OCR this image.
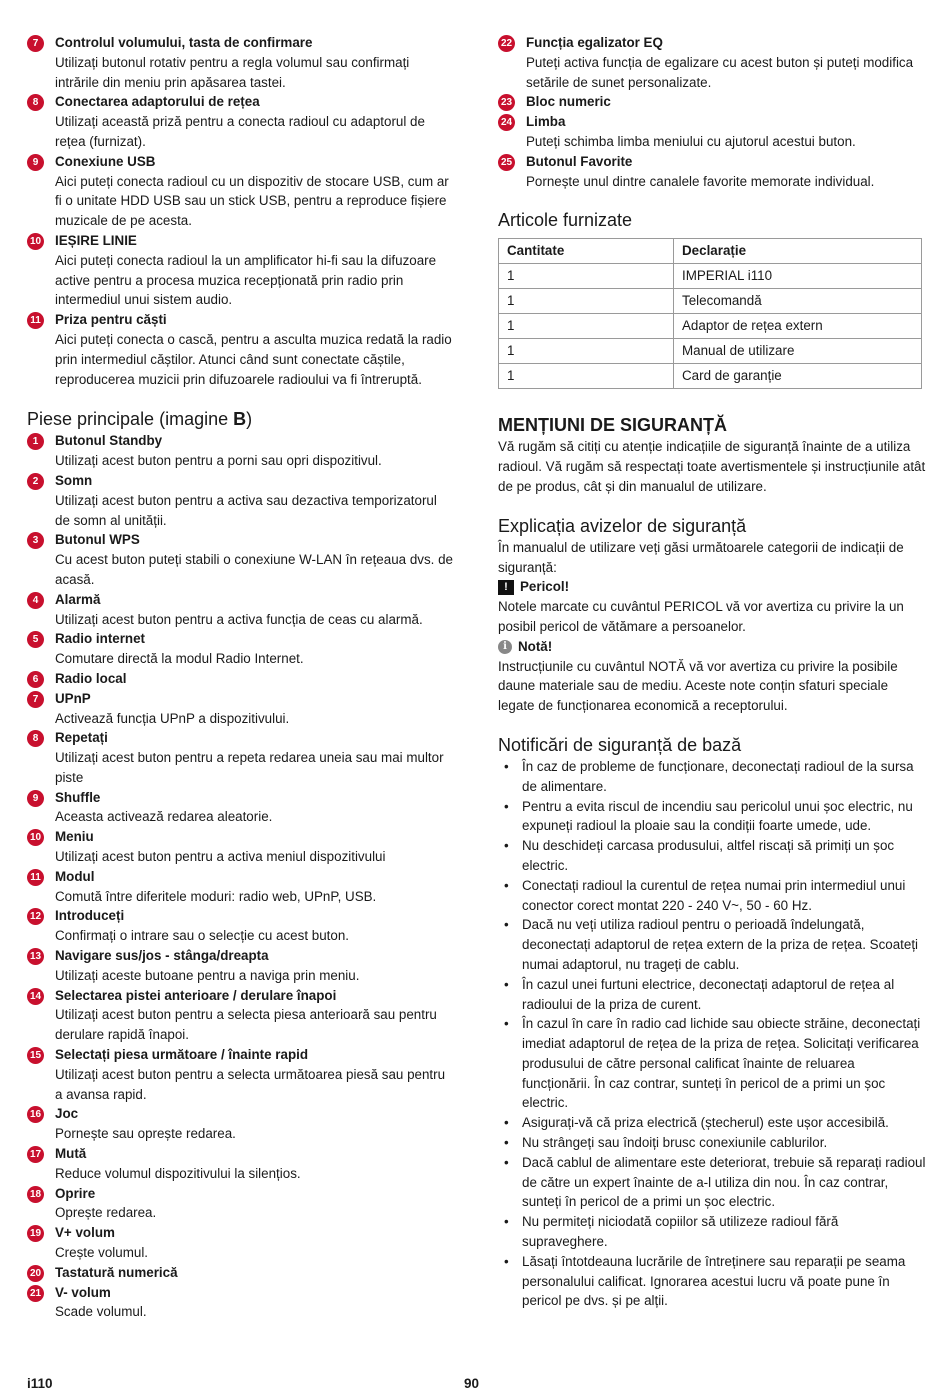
7	Controlul volumului, tasta de confirmare
Utilizați butonul rotativ pentru a regla volumul sau confirmați intrările din meniu prin apăsarea tastei.
8	Conectarea adaptorului de rețea
Utilizați această priză pentru a conecta radioul cu adaptorul de rețea (furnizat).
9	Conexiune USB
Aici puteți conecta radioul cu un dispozitiv de stocare USB, cum ar fi o unitate HDD USB sau un stick USB, pentru a reproduce fișiere muzicale de pe acesta.
10 IEȘIRE LINIE
Aici puteți conecta radioul la un amplificator hi-fi sau la difuzoare active pentru a procesa muzica recepționată prin radio prin intermediul unui sistem audio.
11 Priza pentru căști
Aici puteți conecta o cască, pentru a asculta muzica redată la radio prin intermediul căștilor. Atunci când sunt conectate căștile, reproducerea muzicii prin difuzoarele radioului va fi întreruptă.
Piese principale (imagine B)
1	Butonul Standby
Utilizați acest buton pentru a porni sau opri dispozitivul.
2	Somn
Utilizați acest buton pentru a activa sau dezactiva temporizatorul de somn al unității.
3	Butonul WPS
Cu acest buton puteți stabili o conexiune W-LAN în rețeaua dvs. de acasă.
4	Alarmă
Utilizați acest buton pentru a activa funcția de ceas cu alarmă.
5	Radio internet
Comutare directă la modul Radio Internet.
6	Radio local
7	UPnP
Activează funcția UPnP a dispozitivului.
8	Repetați
Utilizați acest buton pentru a repeta redarea uneia sau mai multor piste
9	Shuffle
Aceasta activează redarea aleatorie.
10 Meniu
Utilizați acest buton pentru a activa meniul dispozitivului
11 Modul
Comută între diferitele moduri: radio web, UPnP, USB.
12 Introduceți
Confirmați o intrare sau o selecție cu acest buton.
13 Navigare sus/jos - stânga/dreapta
Utilizați aceste butoane pentru a naviga prin meniu.
14 Selectarea pistei anterioare / derulare înapoi
Utilizați acest buton pentru a selecta piesa anterioară sau pentru derulare rapidă înapoi.
15 Selectați piesa următoare / înainte rapid
Utilizați acest buton pentru a selecta următoarea piesă sau pentru a avansa rapid.
16 Joc
Pornește sau oprește redarea.
17 Mută
Reduce volumul dispozitivului la silențios.
18 Oprire
Oprește redarea.
19 V+ volum
Crește volumul.
20 Tastatură numerică
21 V- volum
Scade volumul.
22 Funcția egalizator EQ
Puteți activa funcția de egalizare cu acest buton și puteți modifica setările de sunet personalizate.
23 Bloc numeric
24 Limba
Puteți schimba limba meniului cu ajutorul acestui buton.
25 Butonul Favorite
Pornește unul dintre canalele favorite memorate individual.
Articole furnizate
Cantitate	Declarație
1	IMPERIAL i110
1	Telecomandă
1	Adaptor de rețea extern
1	Manual de utilizare
1	Card de garanție
MENȚIUNI DE SIGURANȚĂ

Vă rugăm să citiți cu atenție indicațiile de siguranță înainte de a utiliza radioul. Vă rugăm să respectați toate avertismentele și instrucțiunile atât de pe produs, cât și din manualul de utilizare.

Explicația avizelor de siguranță

În manualul de utilizare veți găsi următoarele categorii de indicații de siguranță:

! Pericol!

Notele marcate cu cuvântul PERICOL vă vor avertiza cu privire la un posibil pericol de vătămare a persoanelor.

i Notă!

Instrucțiunile cu cuvântul NOTĂ vă vor avertiza cu privire la posibile daune materiale sau de mediu. Aceste note conțin sfaturi speciale legate de funcționarea economică a receptorului.

Notificări de siguranță de bază
• În caz de probleme de funcționare, deconectați radioul de la sursa de alimentare.
• Pentru a evita riscul de incendiu sau pericolul unui șoc electric, nu expuneți radioul la ploaie sau la condiții foarte umede, ude.
• Nu deschideți carcasa produsului, altfel riscați să primiți un șoc electric.
• Conectați radioul la curentul de rețea numai prin intermediul unui conector corect montat 220 - 240 V~, 50 - 60 Hz.
• Dacă nu veți utiliza radioul pentru o perioadă îndelungată, deconectați adaptorul de rețea extern de la priza de rețea. Scoateți numai adaptorul, nu trageți de cablu.
• În cazul unei furtuni electrice, deconectați adaptorul de rețea al radioului de la priza de curent.
• În cazul în care în radio cad lichide sau obiecte străine, deconectați imediat adaptorul de rețea de la priza de rețea. Solicitați verificarea produsului de către personal calificat înainte de reluarea funcționării. În caz contrar, sunteți în pericol de a primi un șoc electric.
• Asigurați-vă că priza electrică (ștecherul) este ușor accesibilă.
• Nu strângeți sau îndoiți brusc conexiunile cablurilor.
• Dacă cablul de alimentare este deteriorat, trebuie să reparați radioul de către un expert înainte de a-l utiliza din nou. În caz contrar, sunteți în pericol de a primi un șoc electric.
• Nu permiteți niciodată copiilor să utilizeze radioul fără supraveghere.
• Lăsați întotdeauna lucrările de întreținere sau reparații pe seama personalului calificat. Ignorarea acestui lucru vă poate pune în pericol pe dvs. și pe alții.
i110	90
